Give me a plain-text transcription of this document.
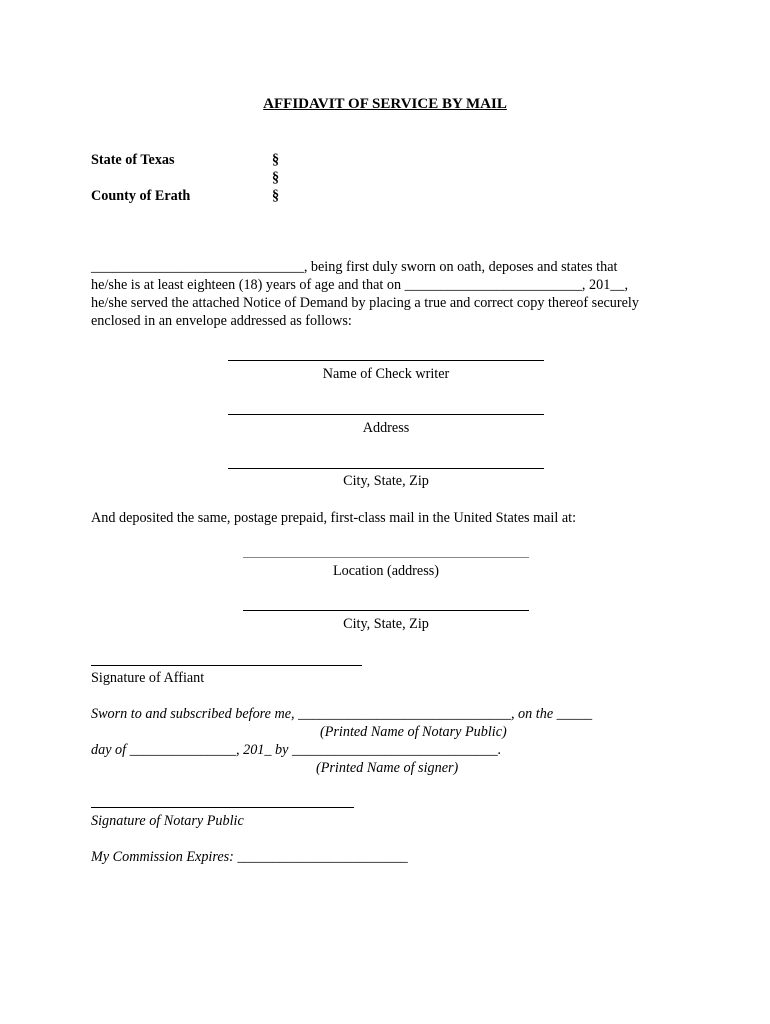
AFFIDAVIT OF SERVICE BY MAIL
State of Texas
County of Erath
§
§
§
______________________________, being first duly sworn on oath, deposes and states that
he/she is at least eighteen (18) years of age and that on _________________________, 201__,
he/she served the attached Notice of Demand by placing a true and correct copy thereof securely
enclosed in an envelope addressed as follows:
Name of Check writer
Address
City, State, Zip
And deposited the same, postage prepaid, first-class mail in the United States mail at:
Location (address)
City, State, Zip
Signature of Affiant
Sworn to and subscribed before me, ______________________________, on the _____
(Printed Name of Notary Public)
day of _______________, 201_ by _____________________________.
(Printed Name of signer)
Signature of Notary Public
My Commission Expires: ________________________
